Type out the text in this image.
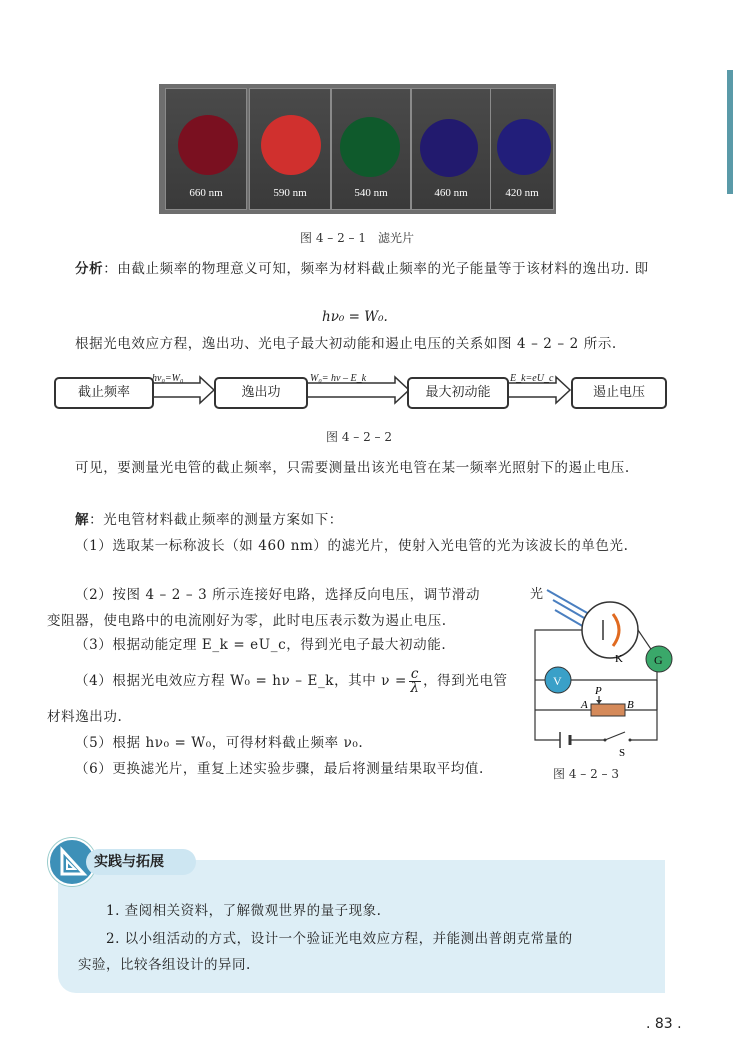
660 nm	590 nm	540 nm	460 nm	420 nm
图 4 – 2 – 1　滤光片
分析：由截止频率的物理意义可知，频率为材料截止频率的光子能量等于该材料的逸出功. 即
hν₀ = W₀.
根据光电效应方程，逸出功、光电子最大初动能和遏止电压的关系如图 4 – 2 – 2 所示.
截止频率	逸出功	最大初动能	遏止电压
hν₀=W₀	W₀= hν – E_k	E_k=eU_c
图 4 – 2 – 2
可见，要测量光电管的截止频率，只需要测量出该光电管在某一频率光照射下的遏止电压.
解：光电管材料截止频率的测量方案如下：
（1）选取某一标称波长（如 460 nm）的滤光片，使射入光电管的光为该波长的单色光.
（2）按图 4 – 2 – 3 所示连接好电路，选择反向电压，调节滑动
变阻器，使电路中的电流刚好为零，此时电压表示数为遏止电压.
（3）根据动能定理 E_k = eU_c，得到光电子最大初动能.
（4）根据光电效应方程 W₀ = hν – E_k，其中 $\nu = \frac{c}{\lambda}$ ，得到光电管
材料逸出功.
（5）根据 hν₀ = W₀，可得材料截止频率 ν₀.
（6）更换滤光片，重复上述实验步骤，最后将测量结果取平均值.
G
V
P
A	B
S
K
光
图 4 – 2 – 3
实践与拓展
1. 查阅相关资料，了解微观世界的量子现象.
2. 以小组活动的方式，设计一个验证光电效应方程，并能测出普朗克常量的
实验，比较各组设计的异同.
. 83 .
